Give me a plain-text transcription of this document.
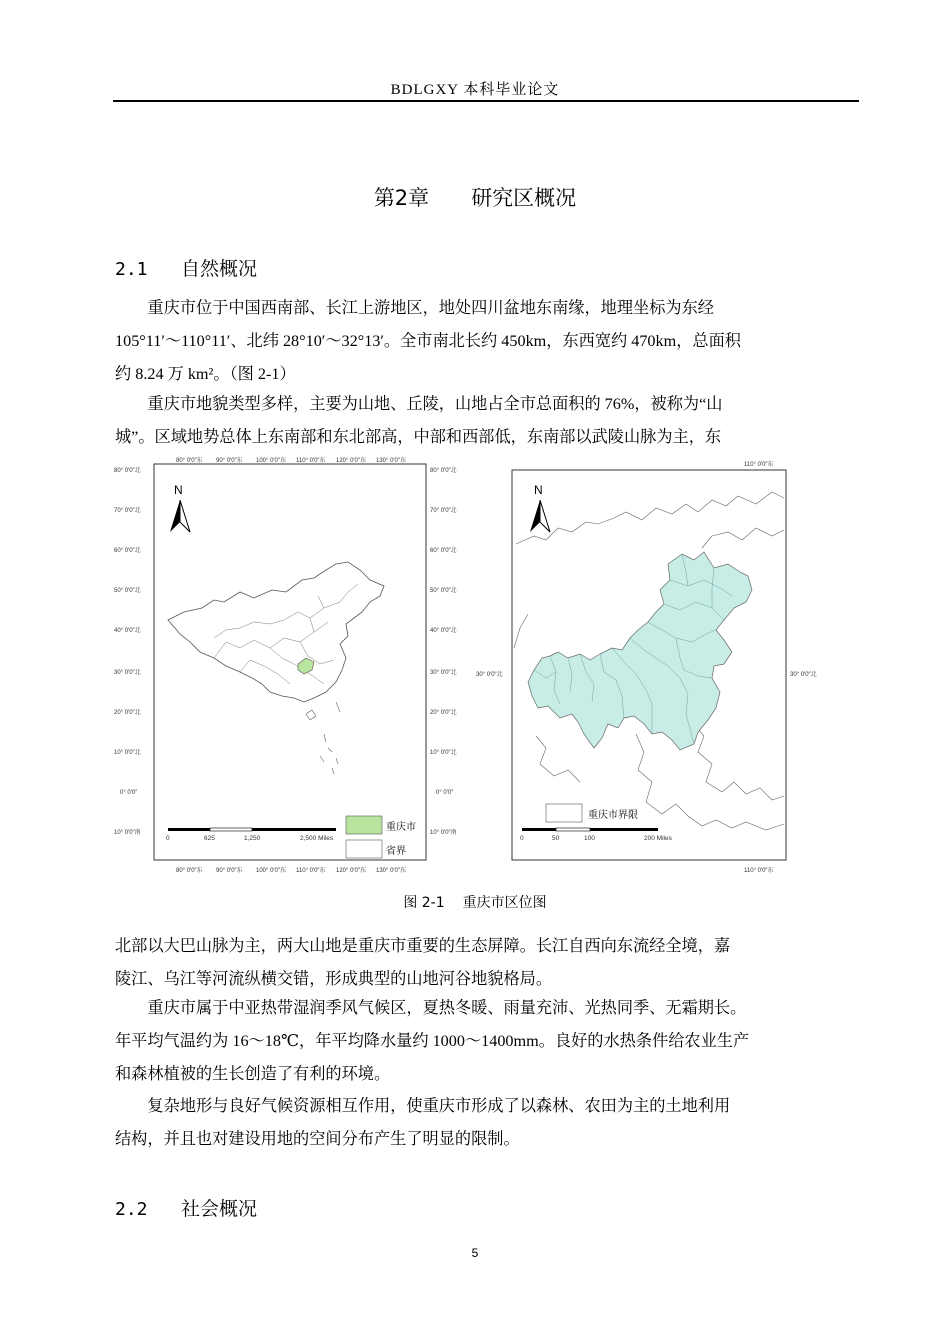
BDLGXY 本科毕业论文
第2章 研究区概况
2.1 自然概况
重庆市位于中国西南部、长江上游地区，地处四川盆地东南缘，地理坐标为东经
105°11′～110°11′、北纬 28°10′～32°13′。全市南北长约 450km，东西宽约 470km，总面积
约 8.24 万 km²。（图 2-1）
重庆市地貌类型多样，主要为山地、丘陵，山地占全市总面积的 76%，被称为“山
城”。区域地势总体上东南部和东北部高，中部和西部低，东南部以武陵山脉为主，东
80° 0′0″东 90° 0′0″东 100° 0′0″东 110° 0′0″东 120° 0′0″东 130° 0′0″东
80° 0′0″东 90° 0′0″东 100° 0′0″东 110° 0′0″东 120° 0′0″东 130° 0′0″东
80° 0′0″北
70° 0′0″北
60° 0′0″北
50° 0′0″北
40° 0′0″北
30° 0′0″北
20° 0′0″北
10° 0′0″北
0° 0′0″
10° 0′0″南
80° 0′0″北
70° 0′0″北
60° 0′0″北
50° 0′0″北
40° 0′0″北
30° 0′0″北
20° 0′0″北
10° 0′0″北
0° 0′0″
10° 0′0″南
N
0	625	1,250	2,500 Miles
重庆市
省界
110° 0′0″东
110° 0′0″东
30° 0′0″北	30° 0′0″北
N
0	50	100	200 Miles
重庆市界限
图 2-1 重庆市区位图
北部以大巴山脉为主，两大山地是重庆市重要的生态屏障。长江自西向东流经全境，嘉
陵江、乌江等河流纵横交错，形成典型的山地河谷地貌格局。
重庆市属于中亚热带湿润季风气候区，夏热冬暖、雨量充沛、光热同季、无霜期长。
年平均气温约为 16～18℃，年平均降水量约 1000～1400mm。良好的水热条件给农业生产
和森林植被的生长创造了有利的环境。
复杂地形与良好气候资源相互作用，使重庆市形成了以森林、农田为主的土地利用
结构，并且也对建设用地的空间分布产生了明显的限制。
2.2 社会概况
5
